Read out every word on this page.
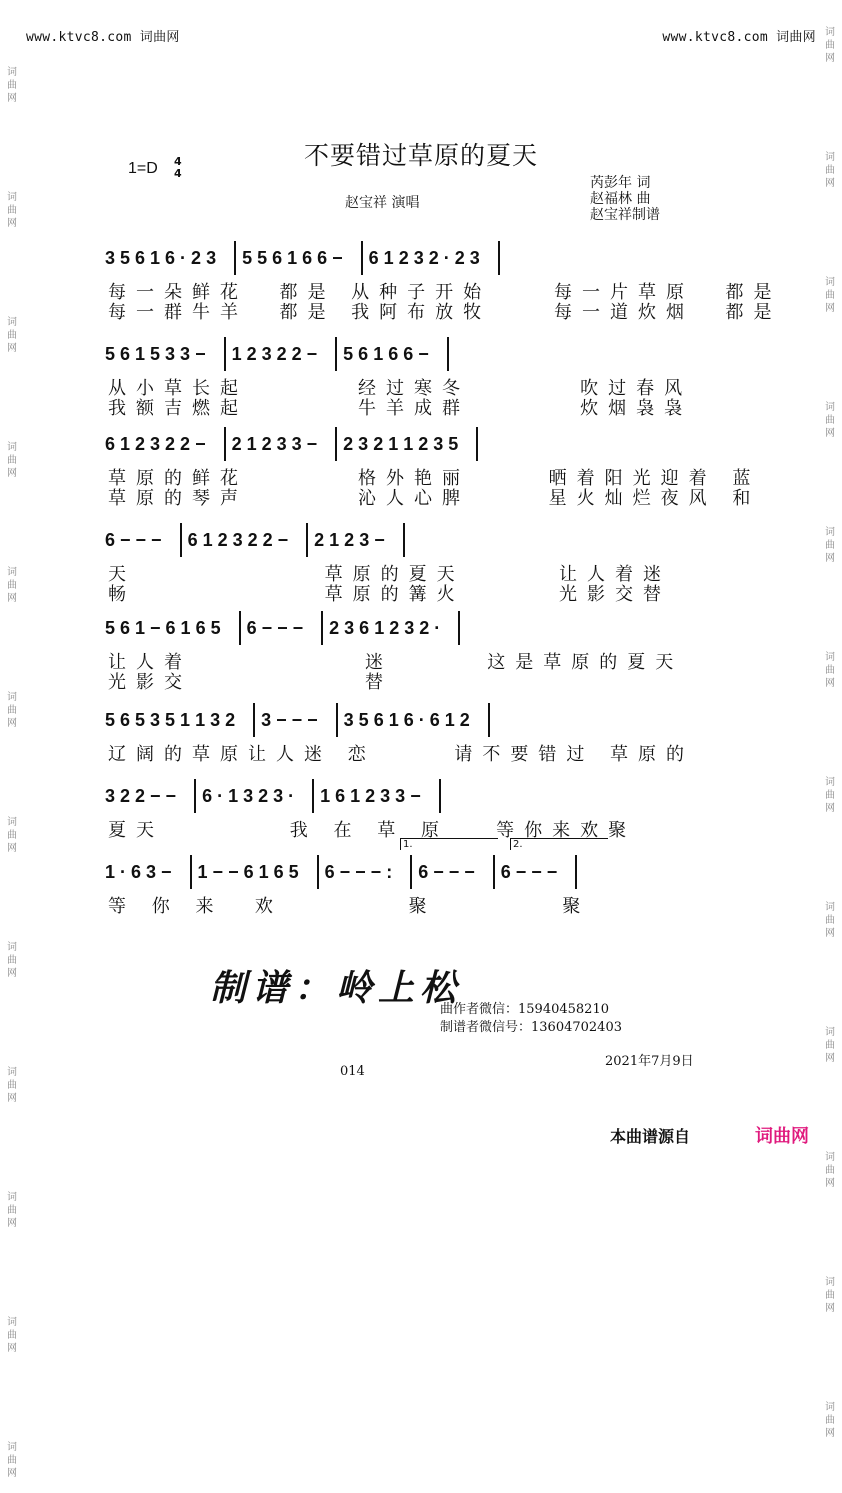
www.ktvc8.com 词曲网	www.ktvc8.com 词曲网

词
曲
网

词
曲
网

词
曲
网

词
曲
网

词
曲
网

词
曲
网

词
曲
网

词
曲
网

词
曲
网

词
曲
网

词
曲
网

词
曲
网

词
曲
网

词
曲
网

词
曲
网

词
曲
网

词
曲
网

词
曲
网

词
曲
网

词
曲
网

词
曲
网

词
曲
网

词
曲
网

词
曲
网

不要错过草原的夏天
1=D 4
4
赵宝祥 演唱
芮彭年 词
赵福林 曲
赵宝祥制谱
3 5 6 1 6 · 2 3 5 5 6 1 6 6 − 6 1 2 3 2 · 2 3
每一朵鲜花  都是 从种子开始    每一片草原  都是
每一群牛羊  都是 我阿布放牧    每一道炊烟  都是
5 6 1 5 3 3 − 1 2 3 2 2 − 5 6 1 6 6 −
从小草长起       经过寒冬       吹过春风
我额吉燃起       牛羊成群       炊烟袅袅
6 1 2 3 2 2 − 2 1 2 3 3 − 2 3 2 1 1 2 3 5
草原的鲜花       格外艳丽     晒着阳光迎着 蓝
草原的琴声       沁人心脾     星火灿烂夜风 和
6 − − − 6 1 2 3 2 2 − 2 1 2 3 −
天            草原的夏天      让人着迷
畅            草原的篝火      光影交替
5 6 1 − 6 1 6 5 6 − − − 2 3 6 1 2 3 2 ·
让人着           迷      这是草原的夏天
光影交           替
5 6 5 3 5 1 1 3 2 3 − − − 3 5 6 1 6 · 6 1 2
辽阔的草原让人迷 恋     请不要错过 草原的
3 2 2 − − 6 · 1 3 2 3 · 1 6 1 2 3 3 −
夏天        我 在 草 原   等你来欢聚
1 · 6 3 − 1 − − 6 1 6 5 6 − − − : 6 − − − 6 − − −
等 你 来  欢        聚        聚
1.	2.
制谱：岭上松
曲作者微信：15940458210
制谱者微信号：13604702403
2021年7月9日
014
本曲谱源自	词曲网
